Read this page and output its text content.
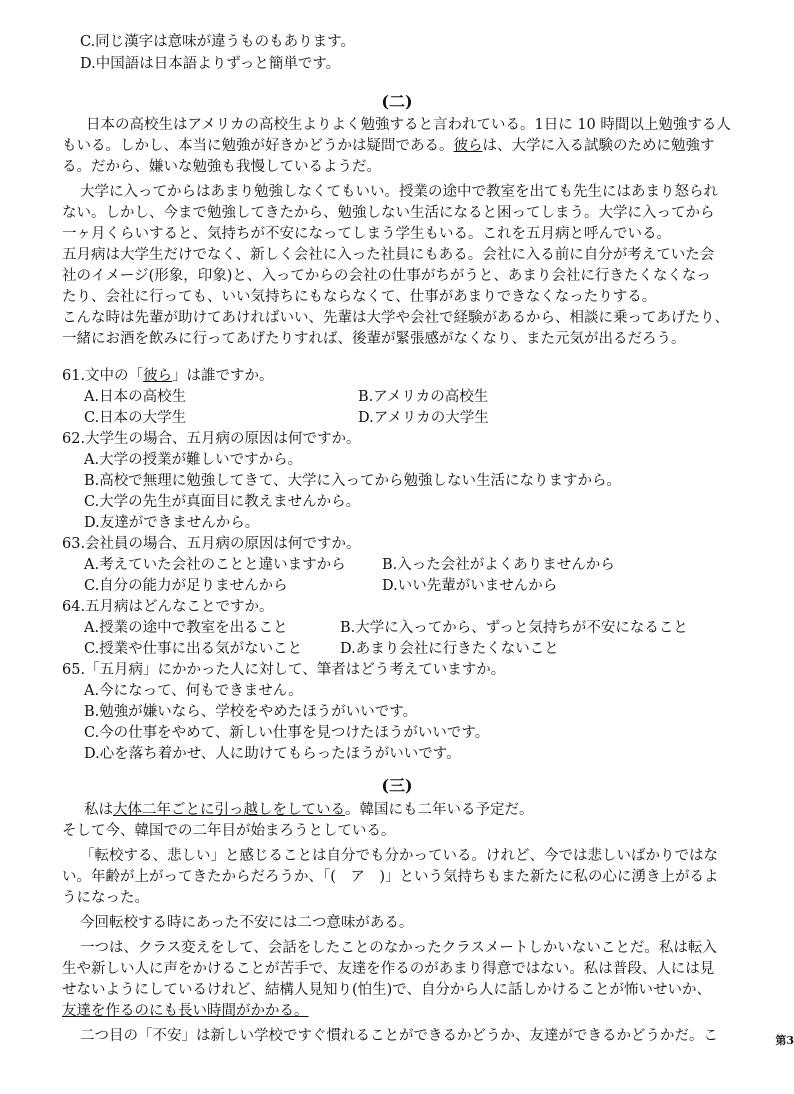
C.同じ漢字は意味が違うものもあります。
D.中国語は日本語よりずっと簡単です。
(二)
日本の高校生はアメリカの高校生よりよく勉強すると言われている。1日に 10 時間以上勉強する人
もいる。しかし、本当に勉強が好きかどうかは疑問である。彼らは、大学に入る試験のために勉強す
る。だから、嫌いな勉強も我慢しているようだ。
大学に入ってからはあまり勉強しなくてもいい。授業の途中で教室を出ても先生にはあまり怒られ
ない。しかし、今まで勉強してきたから、勉強しない生活になると困ってしまう。大学に入ってから
一ヶ月くらいすると、気持ちが不安になってしまう学生もいる。これを五月病と呼んでいる。
五月病は大学生だけでなく、新しく会社に入った社員にもある。会社に入る前に自分が考えていた会
社のイメージ(形象，印象)と、入ってからの会社の仕事がちがうと、あまり会社に行きたくなくなっ
たり、会社に行っても、いい気持ちにもならなくて、仕事があまりできなくなったりする。
こんな時は先輩が助けてあければいい、先輩は大学や会社で経験があるから、相談に乗ってあげたり、
一緒にお酒を飲みに行ってあげたりすれば、後輩が緊張感がなくなり、また元気が出るだろう。
61.文中の「彼ら」は誰ですか。
A.日本の高校生	B.アメリカの高校生
C.日本の大学生	D.アメリカの大学生
62.大学生の場合、五月病の原因は何ですか。
A.大学の授業が難しいですから。
B.高校で無理に勉強してきて、大学に入ってから勉強しない生活になりますから。
C.大学の先生が真面目に教えませんから。
D.友達ができませんから。
63.会社員の場合、五月病の原因は何ですか。
A.考えていた会社のことと違いますから	B.入った会社がよくありませんから
C.自分の能力が足りませんから	D.いい先輩がいませんから
64.五月病はどんなことですか。
A.授業の途中で教室を出ること	B.大学に入ってから、ずっと気持ちが不安になること
C.授業や仕事に出る気がないこと	D.あまり会社に行きたくないこと
65.「五月病」にかかった人に対して、筆者はどう考えていますか。
A.今になって、何もできません。
B.勉強が嫌いなら、学校をやめたほうがいいです。
C.今の仕事をやめて、新しい仕事を見つけたほうがいいです。
D.心を落ち着かせ、人に助けてもらったほうがいいです。
(三)
私は大体二年ごとに引っ越しをしている。韓国にも二年いる予定だ。
そして今、韓国での二年目が始まろうとしている。
「転校する、悲しい」と感じることは自分でも分かっている。けれど、今では悲しいばかりではな
い。年齢が上がってきたからだろうか、「(　ア　)」という気持ちもまた新たに私の心に湧き上がるよ
うになった。
今回転校する時にあった不安には二つ意味がある。
一つは、クラス変えをして、会話をしたことのなかったクラスメートしかいないことだ。私は転入
生や新しい人に声をかけることが苦手で、友達を作るのがあまり得意ではない。私は普段、人には見
せないようにしているけれど、結構人見知り(怕生)で、自分から人に話しかけることが怖いせいか、
友達を作るのにも長い時間がかかる。
二つ目の「不安」は新しい学校ですぐ慣れることができるかどうか、友達ができるかどうかだ。こ	第3
